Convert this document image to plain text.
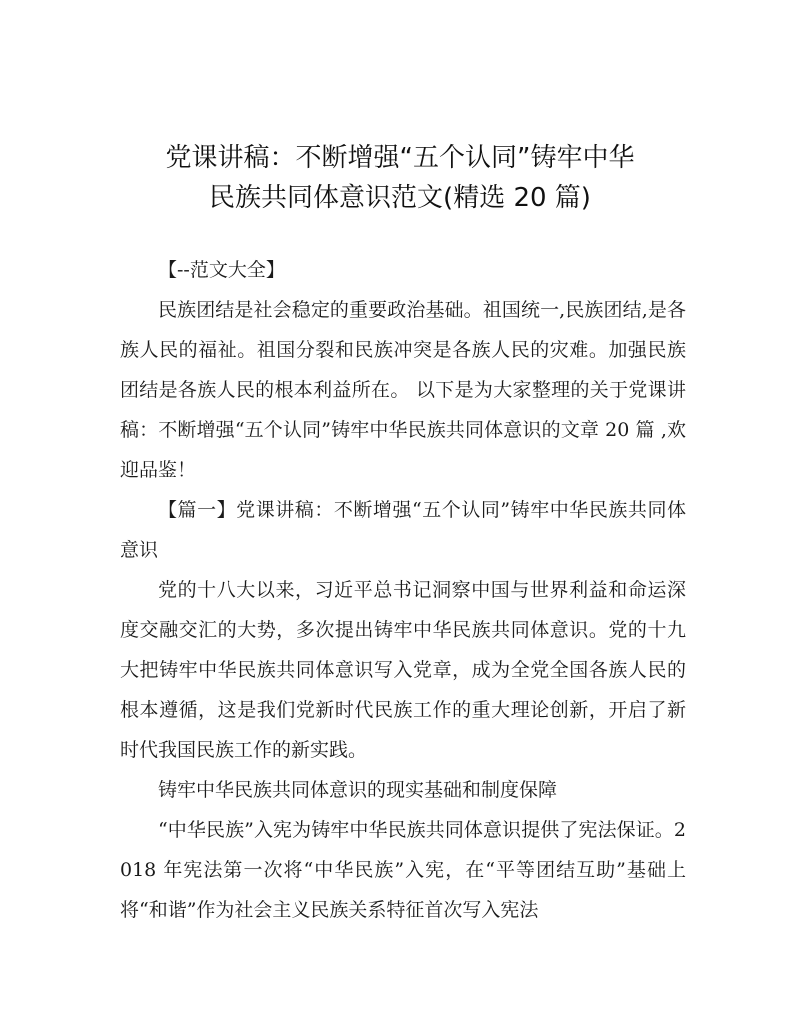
党课讲稿：不断增强“五个认同”铸牢中华
民族共同体意识范文(精选 20 篇)

【--范文大全】

民族团结是社会稳定的重要政治基础。祖国统一,民族团结,是各族人民的福祉。祖国分裂和民族冲突是各族人民的灾难。加强民族团结是各族人民的根本利益所在。 以下是为大家整理的关于党课讲稿：不断增强“五个认同”铸牢中华民族共同体意识的文章 20 篇 ,欢迎品鉴！

【篇一】党课讲稿：不断增强“五个认同”铸牢中华民族共同体意识

党的十八大以来，习近平总书记洞察中国与世界利益和命运深度交融交汇的大势，多次提出铸牢中华民族共同体意识。党的十九大把铸牢中华民族共同体意识写入党章，成为全党全国各族人民的根本遵循，这是我们党新时代民族工作的重大理论创新，开启了新时代我国民族工作的新实践。

铸牢中华民族共同体意识的现实基础和制度保障

“中华民族”入宪为铸牢中华民族共同体意识提供了宪法保证。2018 年宪法第一次将“中华民族”入宪，在“平等团结互助”基础上将“和谐”作为社会主义民族关系特征首次写入宪法
